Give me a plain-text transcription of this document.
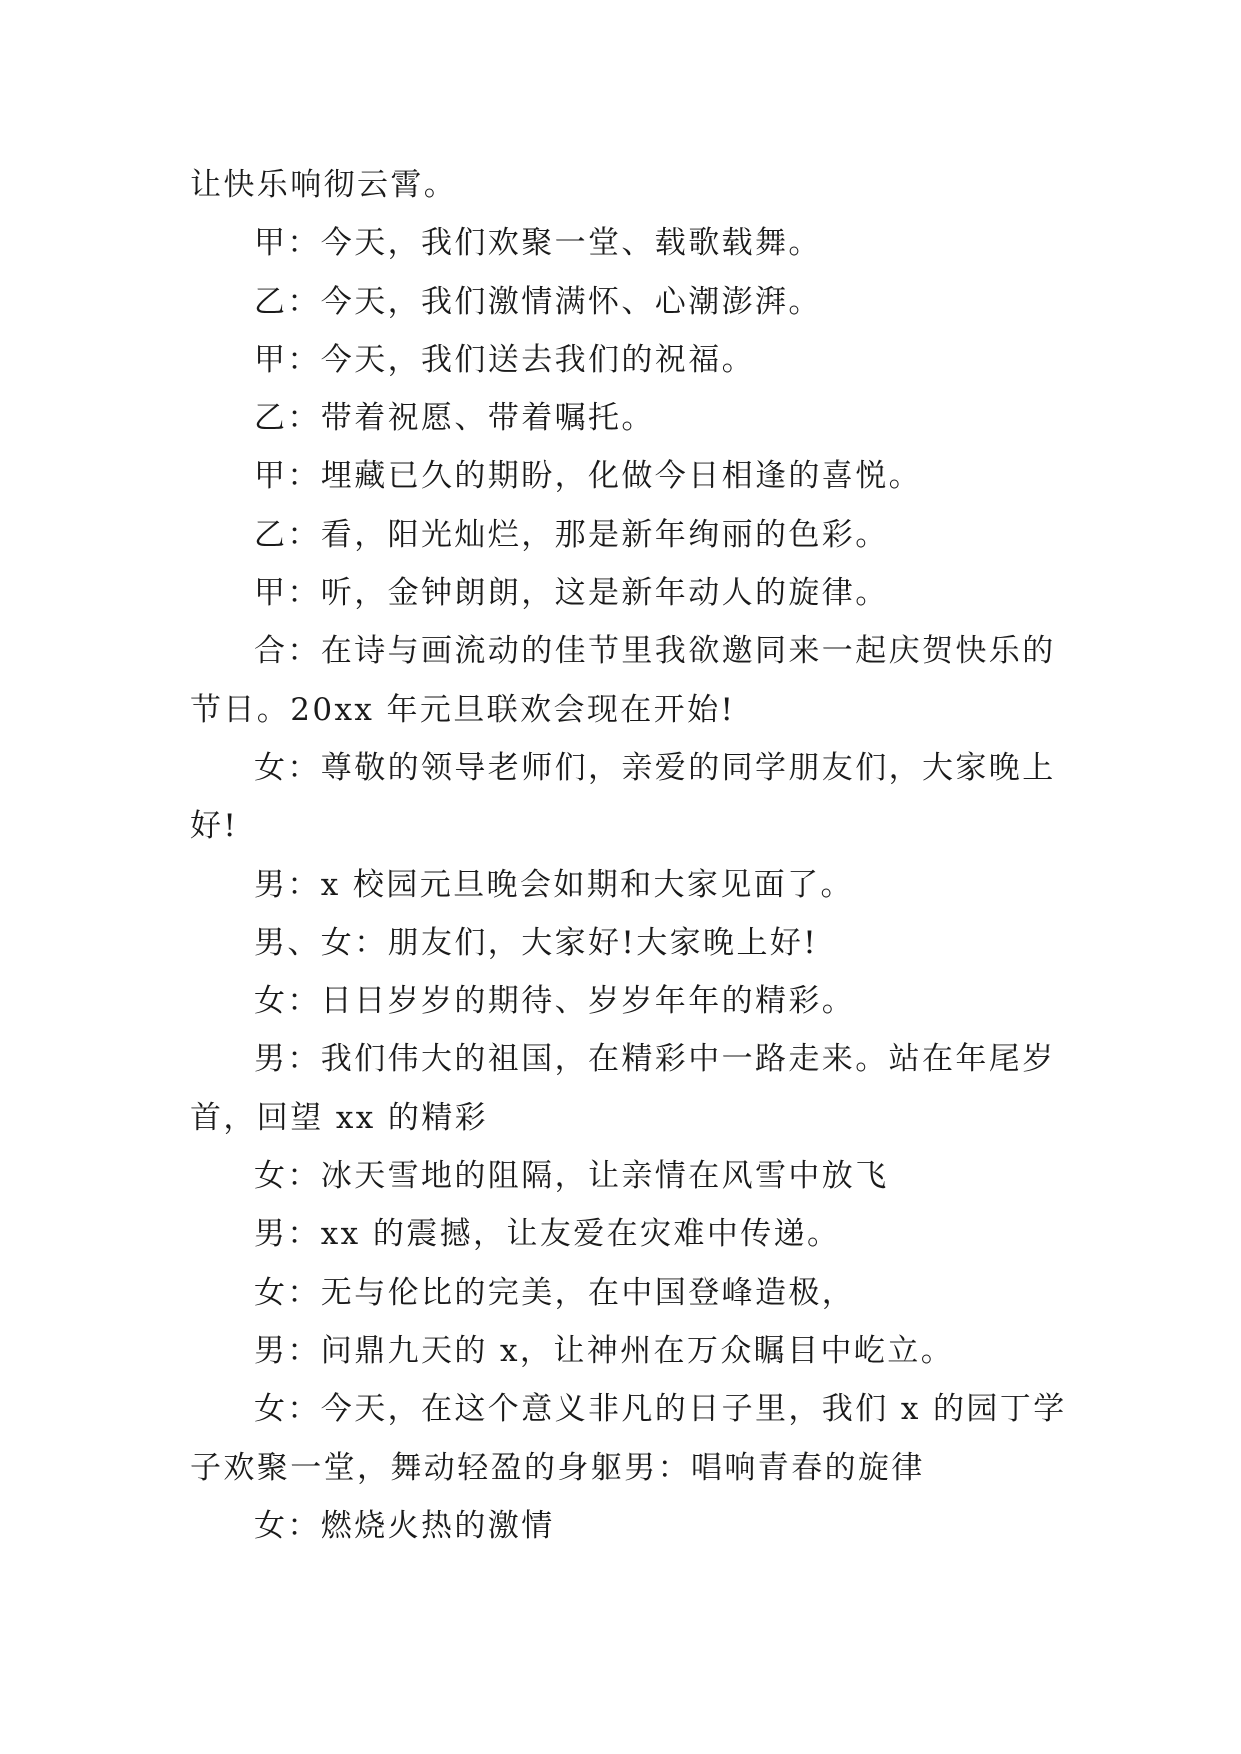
让快乐响彻云霄。
甲：今天，我们欢聚一堂、载歌载舞。
乙：今天，我们激情满怀、心潮澎湃。
甲：今天，我们送去我们的祝福。
乙：带着祝愿、带着嘱托。
甲：埋藏已久的期盼，化做今日相逢的喜悦。
乙：看，阳光灿烂，那是新年绚丽的色彩。
甲：听，金钟朗朗，这是新年动人的旋律。
合：在诗与画流动的佳节里我欲邀同来一起庆贺快乐的
节日。20xx 年元旦联欢会现在开始!
女：尊敬的领导老师们，亲爱的同学朋友们，大家晚上
好!
男：x 校园元旦晚会如期和大家见面了。
男、女：朋友们，大家好!大家晚上好!
女：日日岁岁的期待、岁岁年年的精彩。
男：我们伟大的祖国，在精彩中一路走来。站在年尾岁
首，回望 xx 的精彩
女：冰天雪地的阻隔，让亲情在风雪中放飞
男：xx 的震撼，让友爱在灾难中传递。
女：无与伦比的完美，在中国登峰造极，
男：问鼎九天的 x，让神州在万众瞩目中屹立。
女：今天，在这个意义非凡的日子里，我们 x 的园丁学
子欢聚一堂，舞动轻盈的身躯男：唱响青春的旋律
女：燃烧火热的激情
